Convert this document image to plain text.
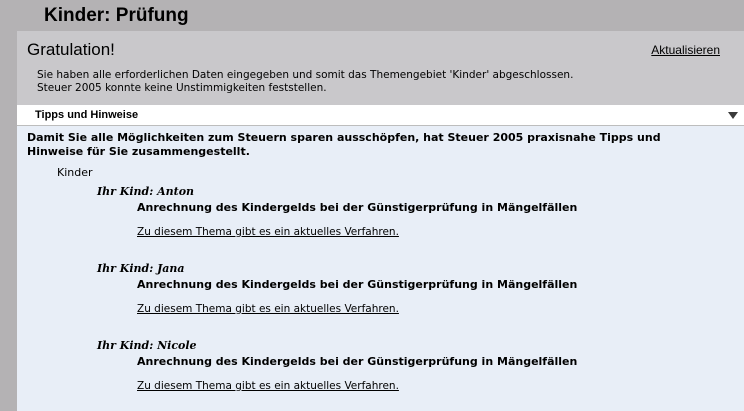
Kinder: Prüfung
Gratulation!	Aktualisieren
Sie haben alle erforderlichen Daten eingegeben und somit das Themengebiet 'Kinder' abgeschlossen.
Steuer 2005 konnte keine Unstimmigkeiten feststellen.
Tipps und Hinweise
Damit Sie alle Möglichkeiten zum Steuern sparen ausschöpfen, hat Steuer 2005 praxisnahe Tipps und
Hinweise für Sie zusammengestellt.
Kinder
Ihr Kind: Anton
Anrechnung des Kindergelds bei der Günstigerprüfung in Mängelfällen
Zu diesem Thema gibt es ein aktuelles Verfahren.
Ihr Kind: Jana
Anrechnung des Kindergelds bei der Günstigerprüfung in Mängelfällen
Zu diesem Thema gibt es ein aktuelles Verfahren.
Ihr Kind: Nicole
Anrechnung des Kindergelds bei der Günstigerprüfung in Mängelfällen
Zu diesem Thema gibt es ein aktuelles Verfahren.
